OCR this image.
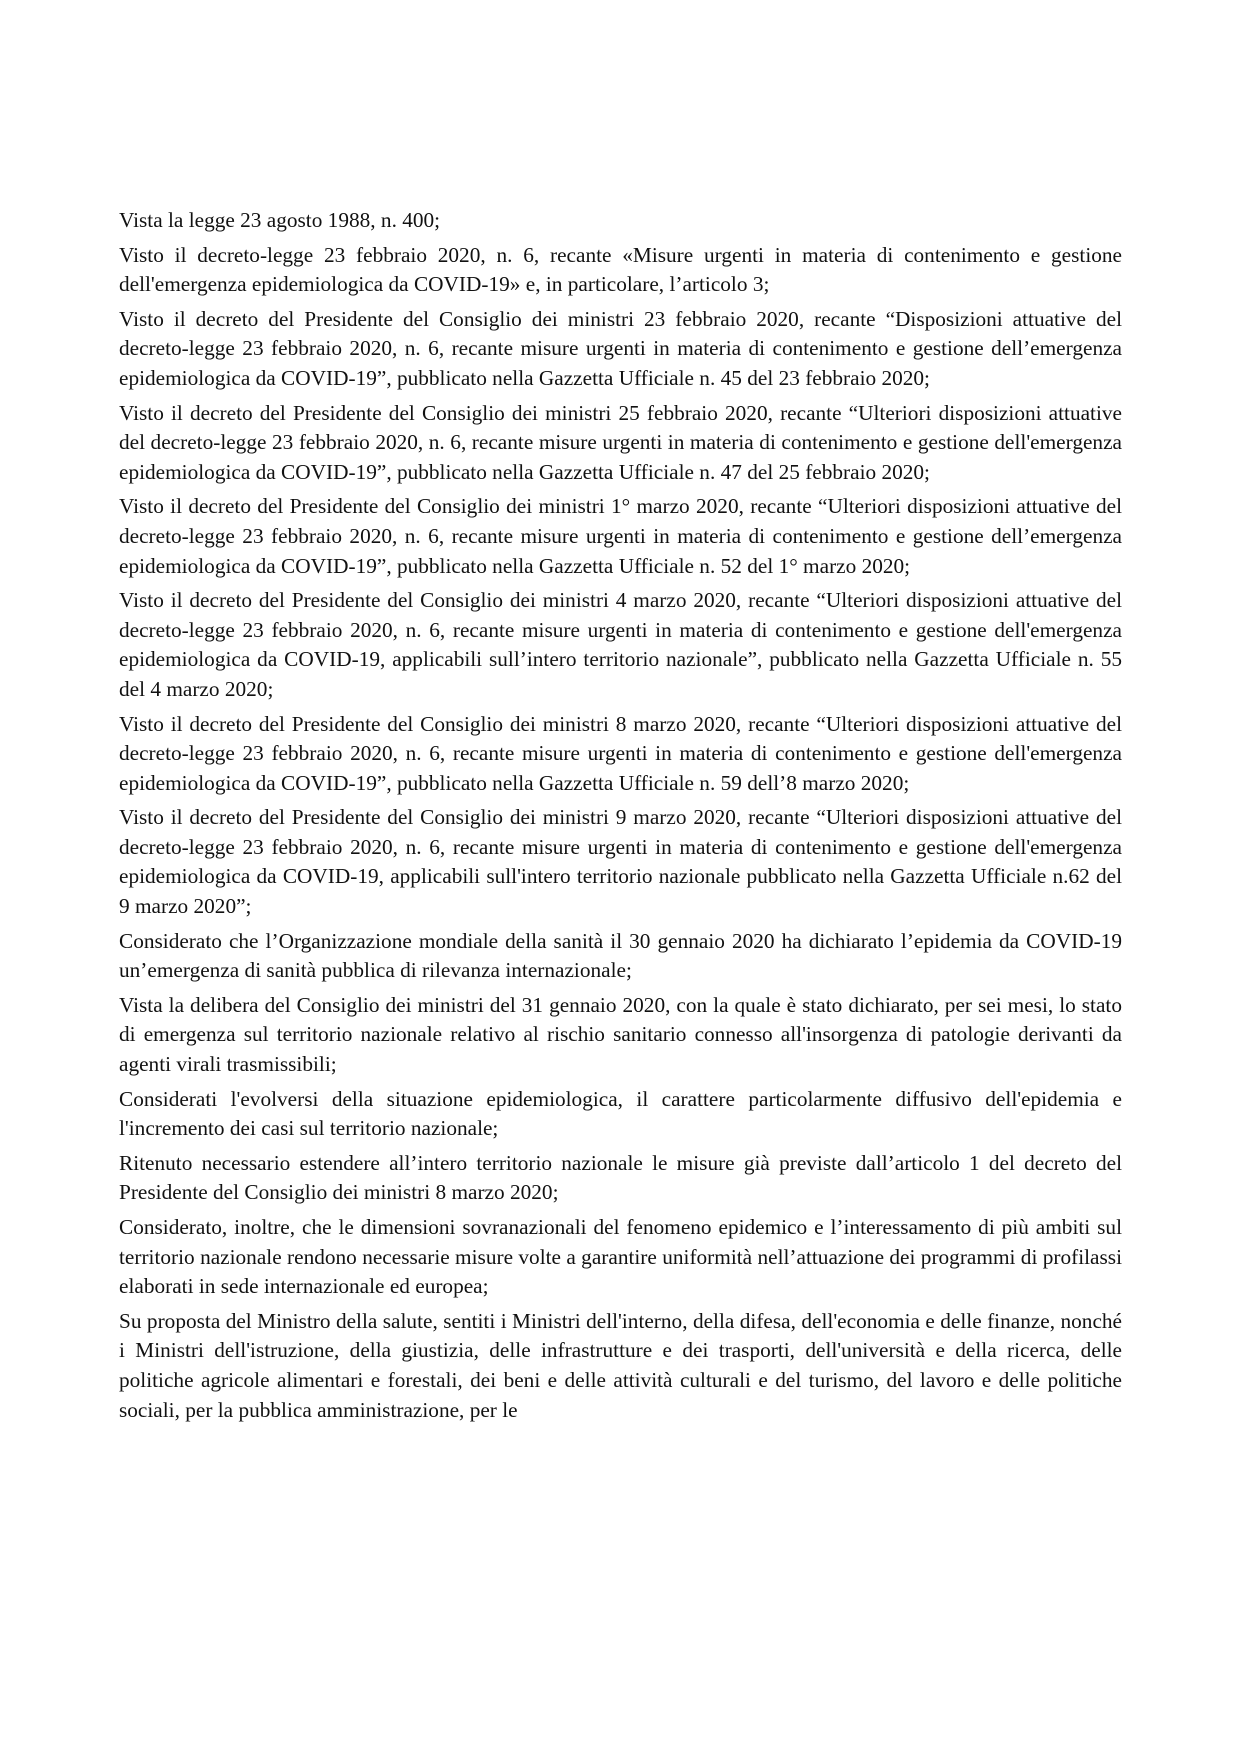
Vista la legge 23 agosto 1988, n. 400;

Visto il decreto-legge 23 febbraio 2020, n. 6, recante «Misure urgenti in materia di contenimento e gestione dell'emergenza epidemiologica da COVID-19» e, in particolare, l’articolo 3;

Visto il decreto del Presidente del Consiglio dei ministri 23 febbraio 2020, recante “Disposizioni attuative del decreto-legge 23 febbraio 2020, n. 6, recante misure urgenti in materia di contenimento e gestione dell’emergenza epidemiologica da COVID-19”, pubblicato nella Gazzetta Ufficiale n. 45 del 23 febbraio 2020;

Visto il decreto del Presidente del Consiglio dei ministri 25 febbraio 2020, recante “Ulteriori disposizioni attuative del decreto-legge 23 febbraio 2020, n. 6, recante misure urgenti in materia di contenimento e gestione dell'emergenza epidemiologica da COVID-19”, pubblicato nella Gazzetta Ufficiale n. 47 del 25 febbraio 2020;

Visto il decreto del Presidente del Consiglio dei ministri 1° marzo 2020, recante “Ulteriori disposizioni attuative del decreto-legge 23 febbraio 2020, n. 6, recante misure urgenti in materia di contenimento e gestione dell’emergenza epidemiologica da COVID-19”, pubblicato nella Gazzetta Ufficiale n. 52 del 1° marzo 2020;

Visto il decreto del Presidente del Consiglio dei ministri 4 marzo 2020, recante “Ulteriori disposizioni attuative del decreto-legge 23 febbraio 2020, n. 6, recante misure urgenti in materia di contenimento e gestione dell'emergenza epidemiologica da COVID-19, applicabili sull’intero territorio nazionale”, pubblicato nella Gazzetta Ufficiale n. 55 del 4 marzo 2020;

Visto il decreto del Presidente del Consiglio dei ministri 8 marzo 2020, recante “Ulteriori disposizioni attuative del decreto-legge 23 febbraio 2020, n. 6, recante misure urgenti in materia di contenimento e gestione dell'emergenza epidemiologica da COVID-19”, pubblicato nella Gazzetta Ufficiale n. 59 dell’8 marzo 2020;

Visto il decreto del Presidente del Consiglio dei ministri 9 marzo 2020, recante “Ulteriori disposizioni attuative del decreto-legge 23 febbraio 2020, n. 6, recante misure urgenti in materia di contenimento e gestione dell'emergenza epidemiologica da COVID-19, applicabili sull'intero territorio nazionale pubblicato nella Gazzetta Ufficiale n.62 del 9 marzo 2020”;

Considerato che l’Organizzazione mondiale della sanità il 30 gennaio 2020 ha dichiarato l’epidemia da COVID-19 un’emergenza di sanità pubblica di rilevanza internazionale;

Vista la delibera del Consiglio dei ministri del 31 gennaio 2020, con la quale è stato dichiarato, per sei mesi, lo stato di emergenza sul territorio nazionale relativo al rischio sanitario connesso all'insorgenza di patologie derivanti da agenti virali trasmissibili;

Considerati l'evolversi della situazione epidemiologica, il carattere particolarmente diffusivo dell'epidemia e l'incremento dei casi sul territorio nazionale;

Ritenuto necessario estendere all’intero territorio nazionale le misure già previste dall’articolo 1 del decreto del Presidente del Consiglio dei ministri 8 marzo 2020;

Considerato, inoltre, che le dimensioni sovranazionali del fenomeno epidemico e l’interessamento di più ambiti sul territorio nazionale rendono necessarie misure volte a garantire uniformità nell’attuazione dei programmi di profilassi elaborati in sede internazionale ed europea;

Su proposta del Ministro della salute, sentiti i Ministri dell'interno, della difesa, dell'economia e delle finanze, nonché i Ministri dell'istruzione, della giustizia, delle infrastrutture e dei trasporti, dell'università e della ricerca, delle politiche agricole alimentari e forestali, dei beni e delle attività culturali e del turismo, del lavoro e delle politiche sociali, per la pubblica amministrazione, per le
